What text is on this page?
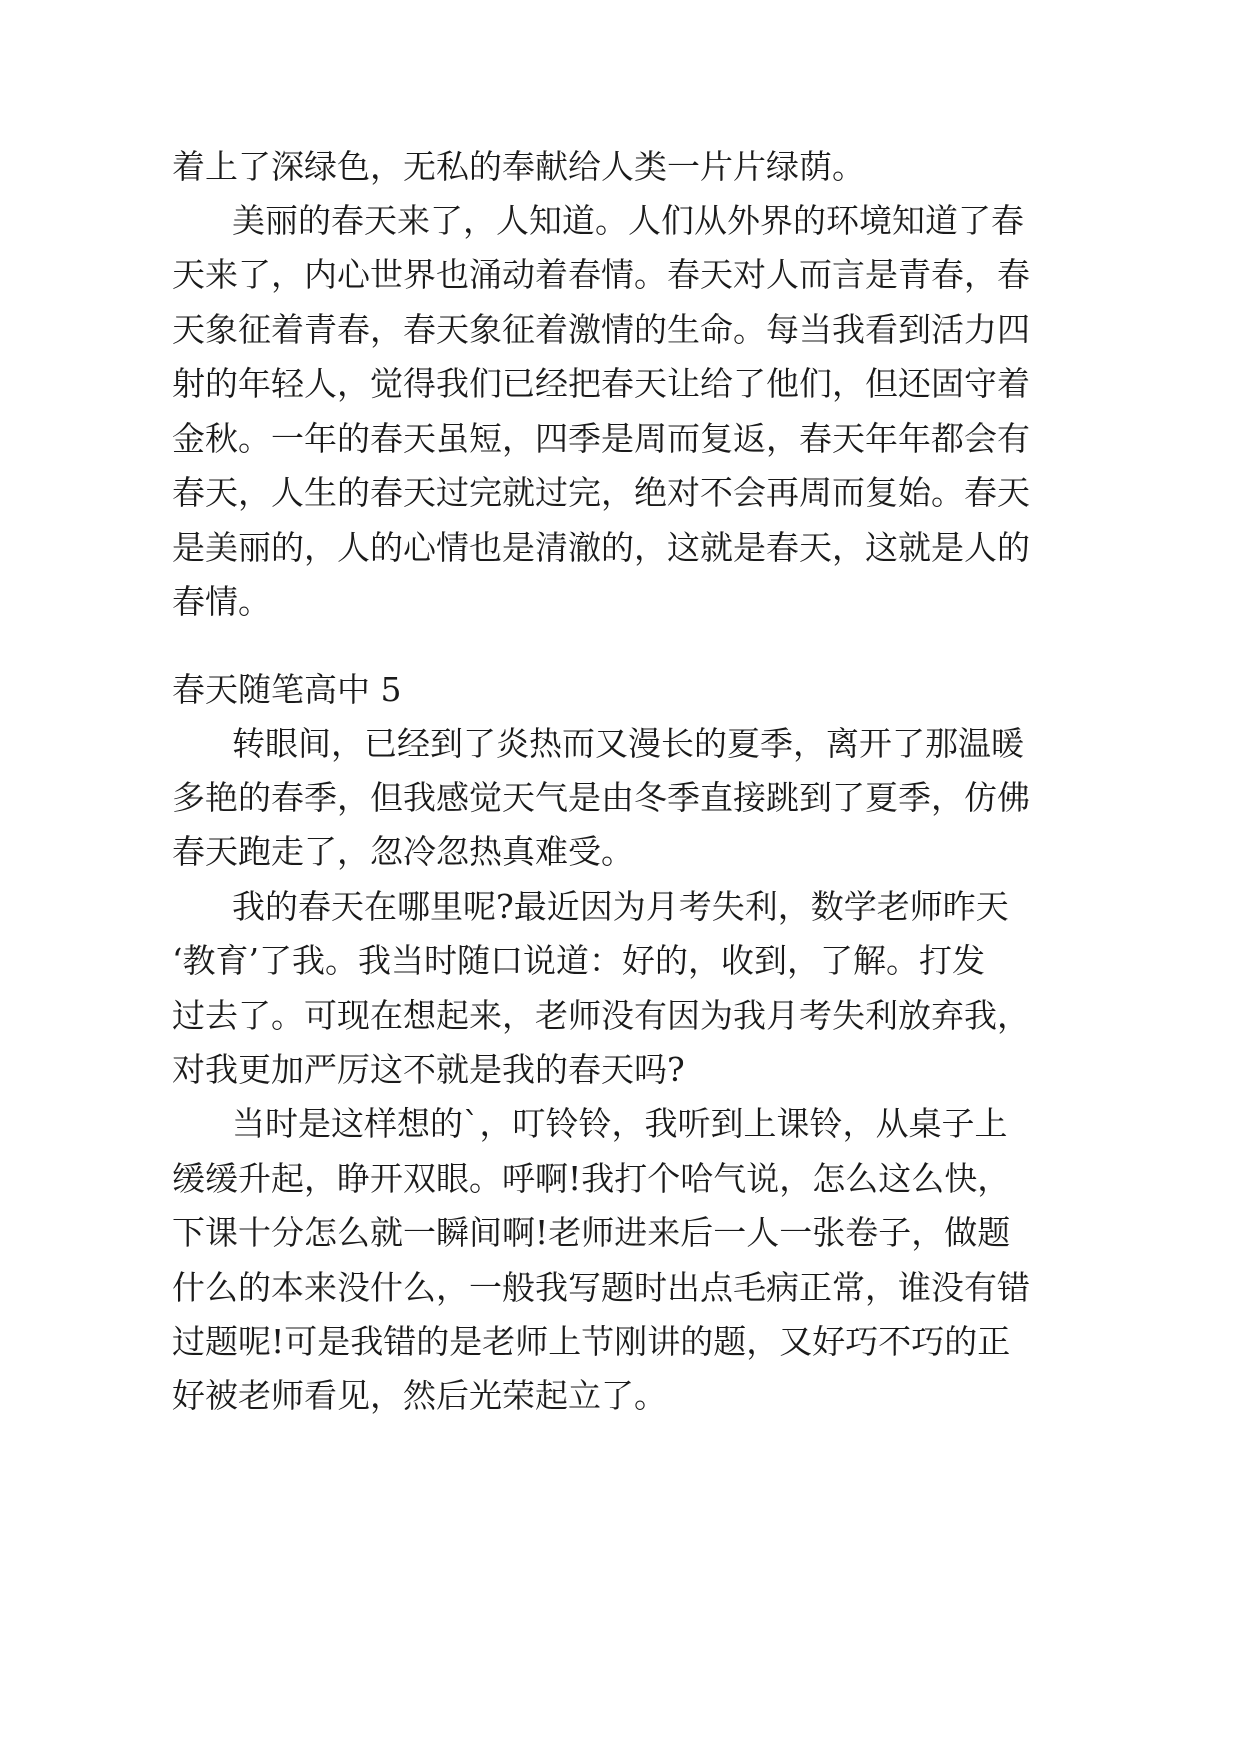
着上了深绿色，无私的奉献给人类一片片绿荫。
美丽的春天来了，人知道。人们从外界的环境知道了春
天来了，内心世界也涌动着春情。春天对人而言是青春，春
天象征着青春，春天象征着激情的生命。每当我看到活力四
射的年轻人，觉得我们已经把春天让给了他们，但还固守着
金秋。一年的春天虽短，四季是周而复返，春天年年都会有
春天，人生的春天过完就过完，绝对不会再周而复始。春天
是美丽的，人的心情也是清澈的，这就是春天，这就是人的
春情。
春天随笔高中 5
转眼间，已经到了炎热而又漫长的夏季，离开了那温暖
多艳的春季，但我感觉天气是由冬季直接跳到了夏季，仿佛
春天跑走了，忽冷忽热真难受。
我的春天在哪里呢?最近因为月考失利，数学老师昨天
‘教育’了我。我当时随口说道：好的，收到，了解。打发
过去了。可现在想起来，老师没有因为我月考失利放弃我，
对我更加严厉这不就是我的春天吗?
当时是这样想的`，叮铃铃，我听到上课铃，从桌子上
缓缓升起，睁开双眼。呼啊!我打个哈气说，怎么这么快，
下课十分怎么就一瞬间啊!老师进来后一人一张卷子，做题
什么的本来没什么，一般我写题时出点毛病正常，谁没有错
过题呢!可是我错的是老师上节刚讲的题，又好巧不巧的正
好被老师看见，然后光荣起立了。
